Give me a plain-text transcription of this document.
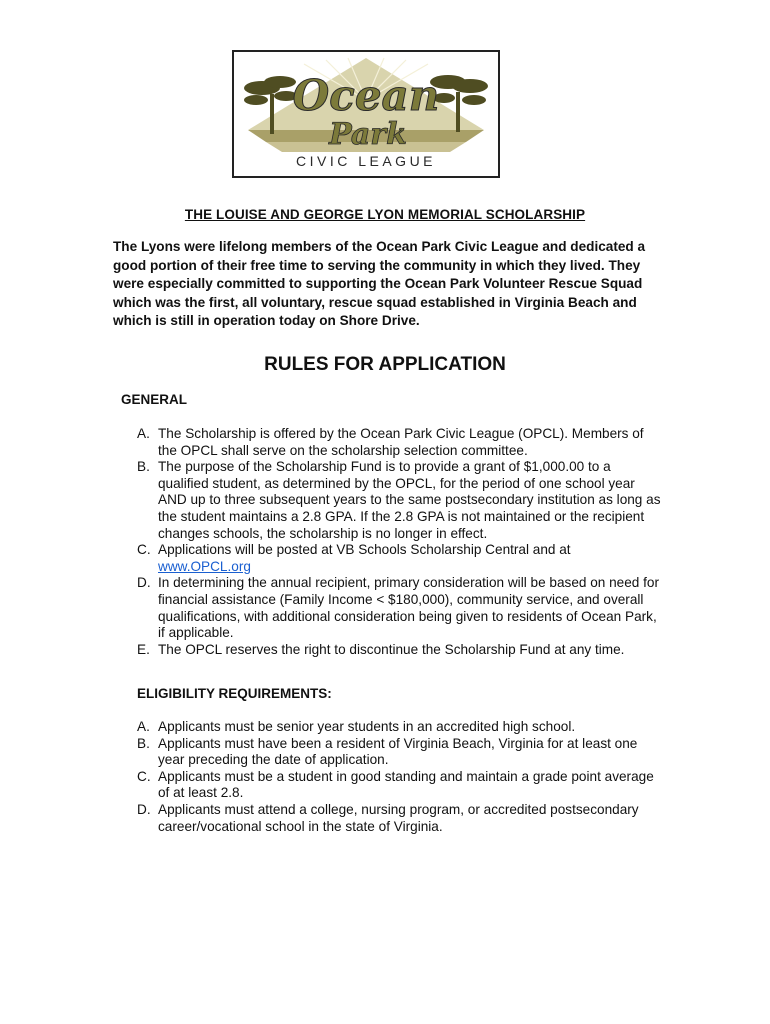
Ocean
Park
CIVIC LEAGUE
THE LOUISE AND GEORGE LYON MEMORIAL SCHOLARSHIP

The Lyons were lifelong members of the Ocean Park Civic League and dedicated a good portion of their free time to serving the community in which they lived. They were especially committed to supporting the Ocean Park Volunteer Rescue Squad which was the first, all voluntary, rescue squad established in Virginia Beach and which is still in operation today on Shore Drive.

RULES FOR APPLICATION
GENERAL
A. The Scholarship is offered by the Ocean Park Civic League (OPCL). Members of the OPCL shall serve on the scholarship selection committee.
B. The purpose of the Scholarship Fund is to provide a grant of $1,000.00 to a qualified student, as determined by the OPCL, for the period of one school year AND up to three subsequent years to the same postsecondary institution as long as the student maintains a 2.8 GPA. If the 2.8 GPA is not maintained or the recipient changes schools, the scholarship is no longer in effect.
C. Applications will be posted at VB Schools Scholarship Central and at
www.OPCL.org
D. In determining the annual recipient, primary consideration will be based on need for financial assistance (Family Income < $180,000), community service, and overall qualifications, with additional consideration being given to residents of Ocean Park, if applicable.
E. The OPCL reserves the right to discontinue the Scholarship Fund at any time.
ELIGIBILITY REQUIREMENTS:
A. Applicants must be senior year students in an accredited high school.
B. Applicants must have been a resident of Virginia Beach, Virginia for at least one year preceding the date of application.
C. Applicants must be a student in good standing and maintain a grade point average of at least 2.8.
D. Applicants must attend a college, nursing program, or accredited postsecondary career/vocational school in the state of Virginia.
